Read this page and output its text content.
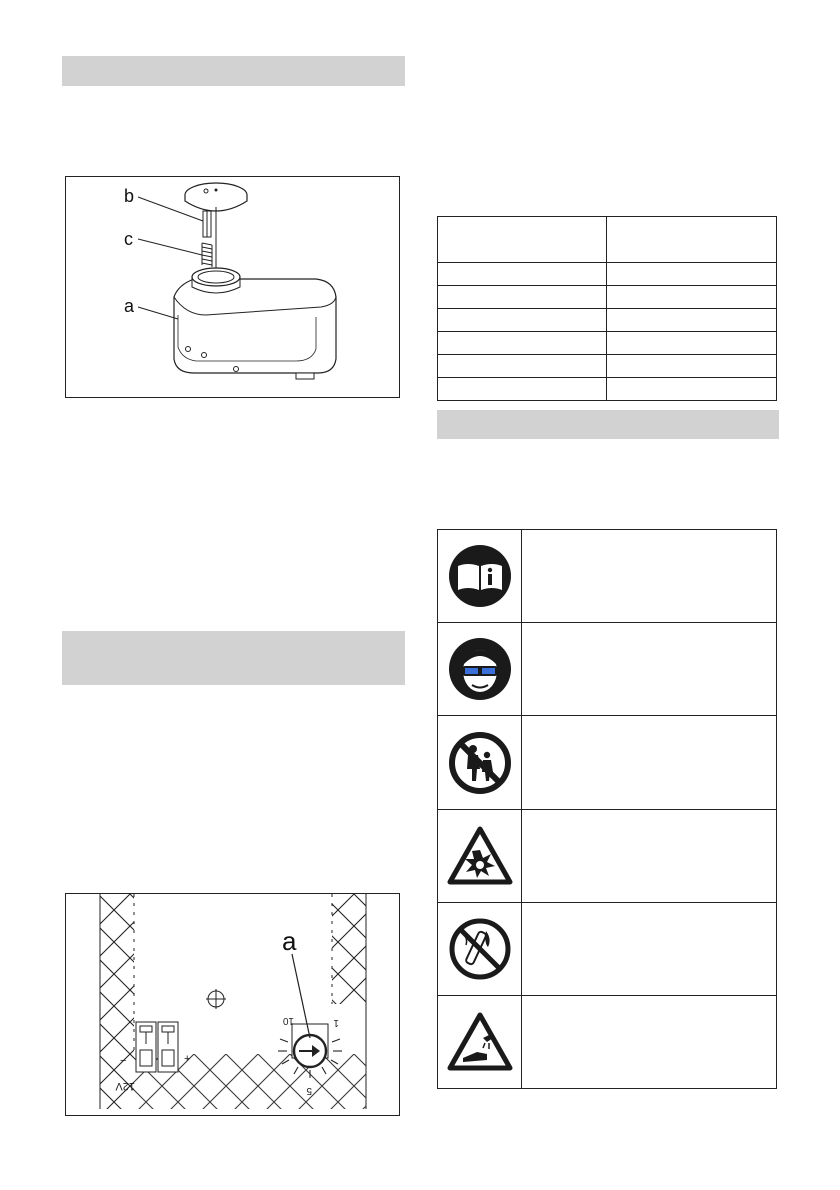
b
c
a
−	+
12V
10	1
5
a
